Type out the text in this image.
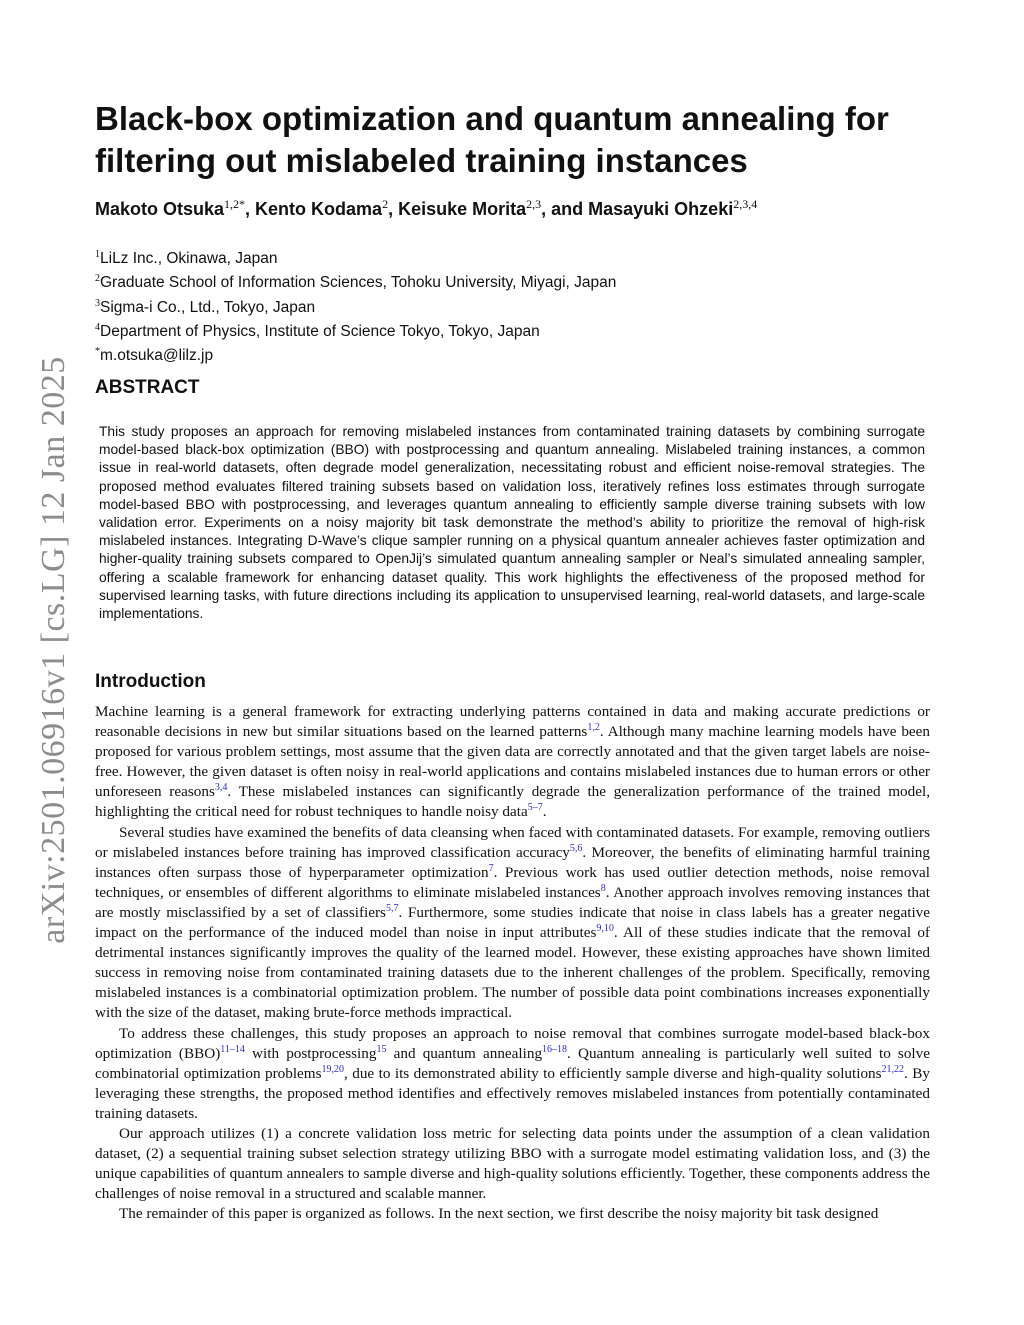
arXiv:2501.06916v1 [cs.LG] 12 Jan 2025
Black-box optimization and quantum annealing for filtering out mislabeled training instances
Makoto Otsuka$^{1,2*}$, Kento Kodama$^2$, Keisuke Morita$^{2,3}$, and Masayuki Ohzeki$^{2,3,4}$
$^1$LiLz Inc., Okinawa, Japan
$^2$Graduate School of Information Sciences, Tohoku University, Miyagi, Japan
$^3$Sigma-i Co., Ltd., Tokyo, Japan
$^4$Department of Physics, Institute of Science Tokyo, Tokyo, Japan
*m.otsuka@lilz.jp
ABSTRACT

This study proposes an approach for removing mislabeled instances from contaminated training datasets by combining surrogate model-based black-box optimization (BBO) with postprocessing and quantum annealing. Mislabeled training instances, a common issue in real-world datasets, often degrade model generalization, necessitating robust and efficient noise-removal strategies. The proposed method evaluates filtered training subsets based on validation loss, iteratively refines loss estimates through surrogate model-based BBO with postprocessing, and leverages quantum annealing to efficiently sample diverse training subsets with low validation error. Experiments on a noisy majority bit task demonstrate the method’s ability to prioritize the removal of high-risk mislabeled instances. Integrating D-Wave’s clique sampler running on a physical quantum annealer achieves faster optimization and higher-quality training subsets compared to OpenJij’s simulated quantum annealing sampler or Neal’s simulated annealing sampler, offering a scalable framework for enhancing dataset quality. This work highlights the effectiveness of the proposed method for supervised learning tasks, with future directions including its application to unsupervised learning, real-world datasets, and large-scale implementations.

Introduction

Machine learning is a general framework for extracting underlying patterns contained in data and making accurate predictions or reasonable decisions in new but similar situations based on the learned patterns$^{1,2}$. Although many machine learning models have been proposed for various problem settings, most assume that the given data are correctly annotated and that the given target labels are noise-free. However, the given dataset is often noisy in real-world applications and contains mislabeled instances due to human errors or other unforeseen reasons$^{3,4}$. These mislabeled instances can significantly degrade the generalization performance of the trained model, highlighting the critical need for robust techniques to handle noisy data$^{5-7}$.

Several studies have examined the benefits of data cleansing when faced with contaminated datasets. For example, removing outliers or mislabeled instances before training has improved classification accuracy$^{5,6}$. Moreover, the benefits of eliminating harmful training instances often surpass those of hyperparameter optimization$^7$. Previous work has used outlier detection methods, noise removal techniques, or ensembles of different algorithms to eliminate mislabeled instances$^8$. Another approach involves removing instances that are mostly misclassified by a set of classifiers$^{5,7}$. Furthermore, some studies indicate that noise in class labels has a greater negative impact on the performance of the induced model than noise in input attributes$^{9,10}$. All of these studies indicate that the removal of detrimental instances significantly improves the quality of the learned model. However, these existing approaches have shown limited success in removing noise from contaminated training datasets due to the inherent challenges of the problem. Specifically, removing mislabeled instances is a combinatorial optimization problem. The number of possible data point combinations increases exponentially with the size of the dataset, making brute-force methods impractical.

To address these challenges, this study proposes an approach to noise removal that combines surrogate model-based black-box optimization (BBO)$^{11-14}$ with postprocessing$^{15}$ and quantum annealing$^{16-18}$. Quantum annealing is particularly well suited to solve combinatorial optimization problems$^{19,20}$, due to its demonstrated ability to efficiently sample diverse and high-quality solutions$^{21,22}$. By leveraging these strengths, the proposed method identifies and effectively removes mislabeled instances from potentially contaminated training datasets.

Our approach utilizes (1) a concrete validation loss metric for selecting data points under the assumption of a clean validation dataset, (2) a sequential training subset selection strategy utilizing BBO with a surrogate model estimating validation loss, and (3) the unique capabilities of quantum annealers to sample diverse and high-quality solutions efficiently. Together, these components address the challenges of noise removal in a structured and scalable manner.

The remainder of this paper is organized as follows. In the next section, we first describe the noisy majority bit task designed
